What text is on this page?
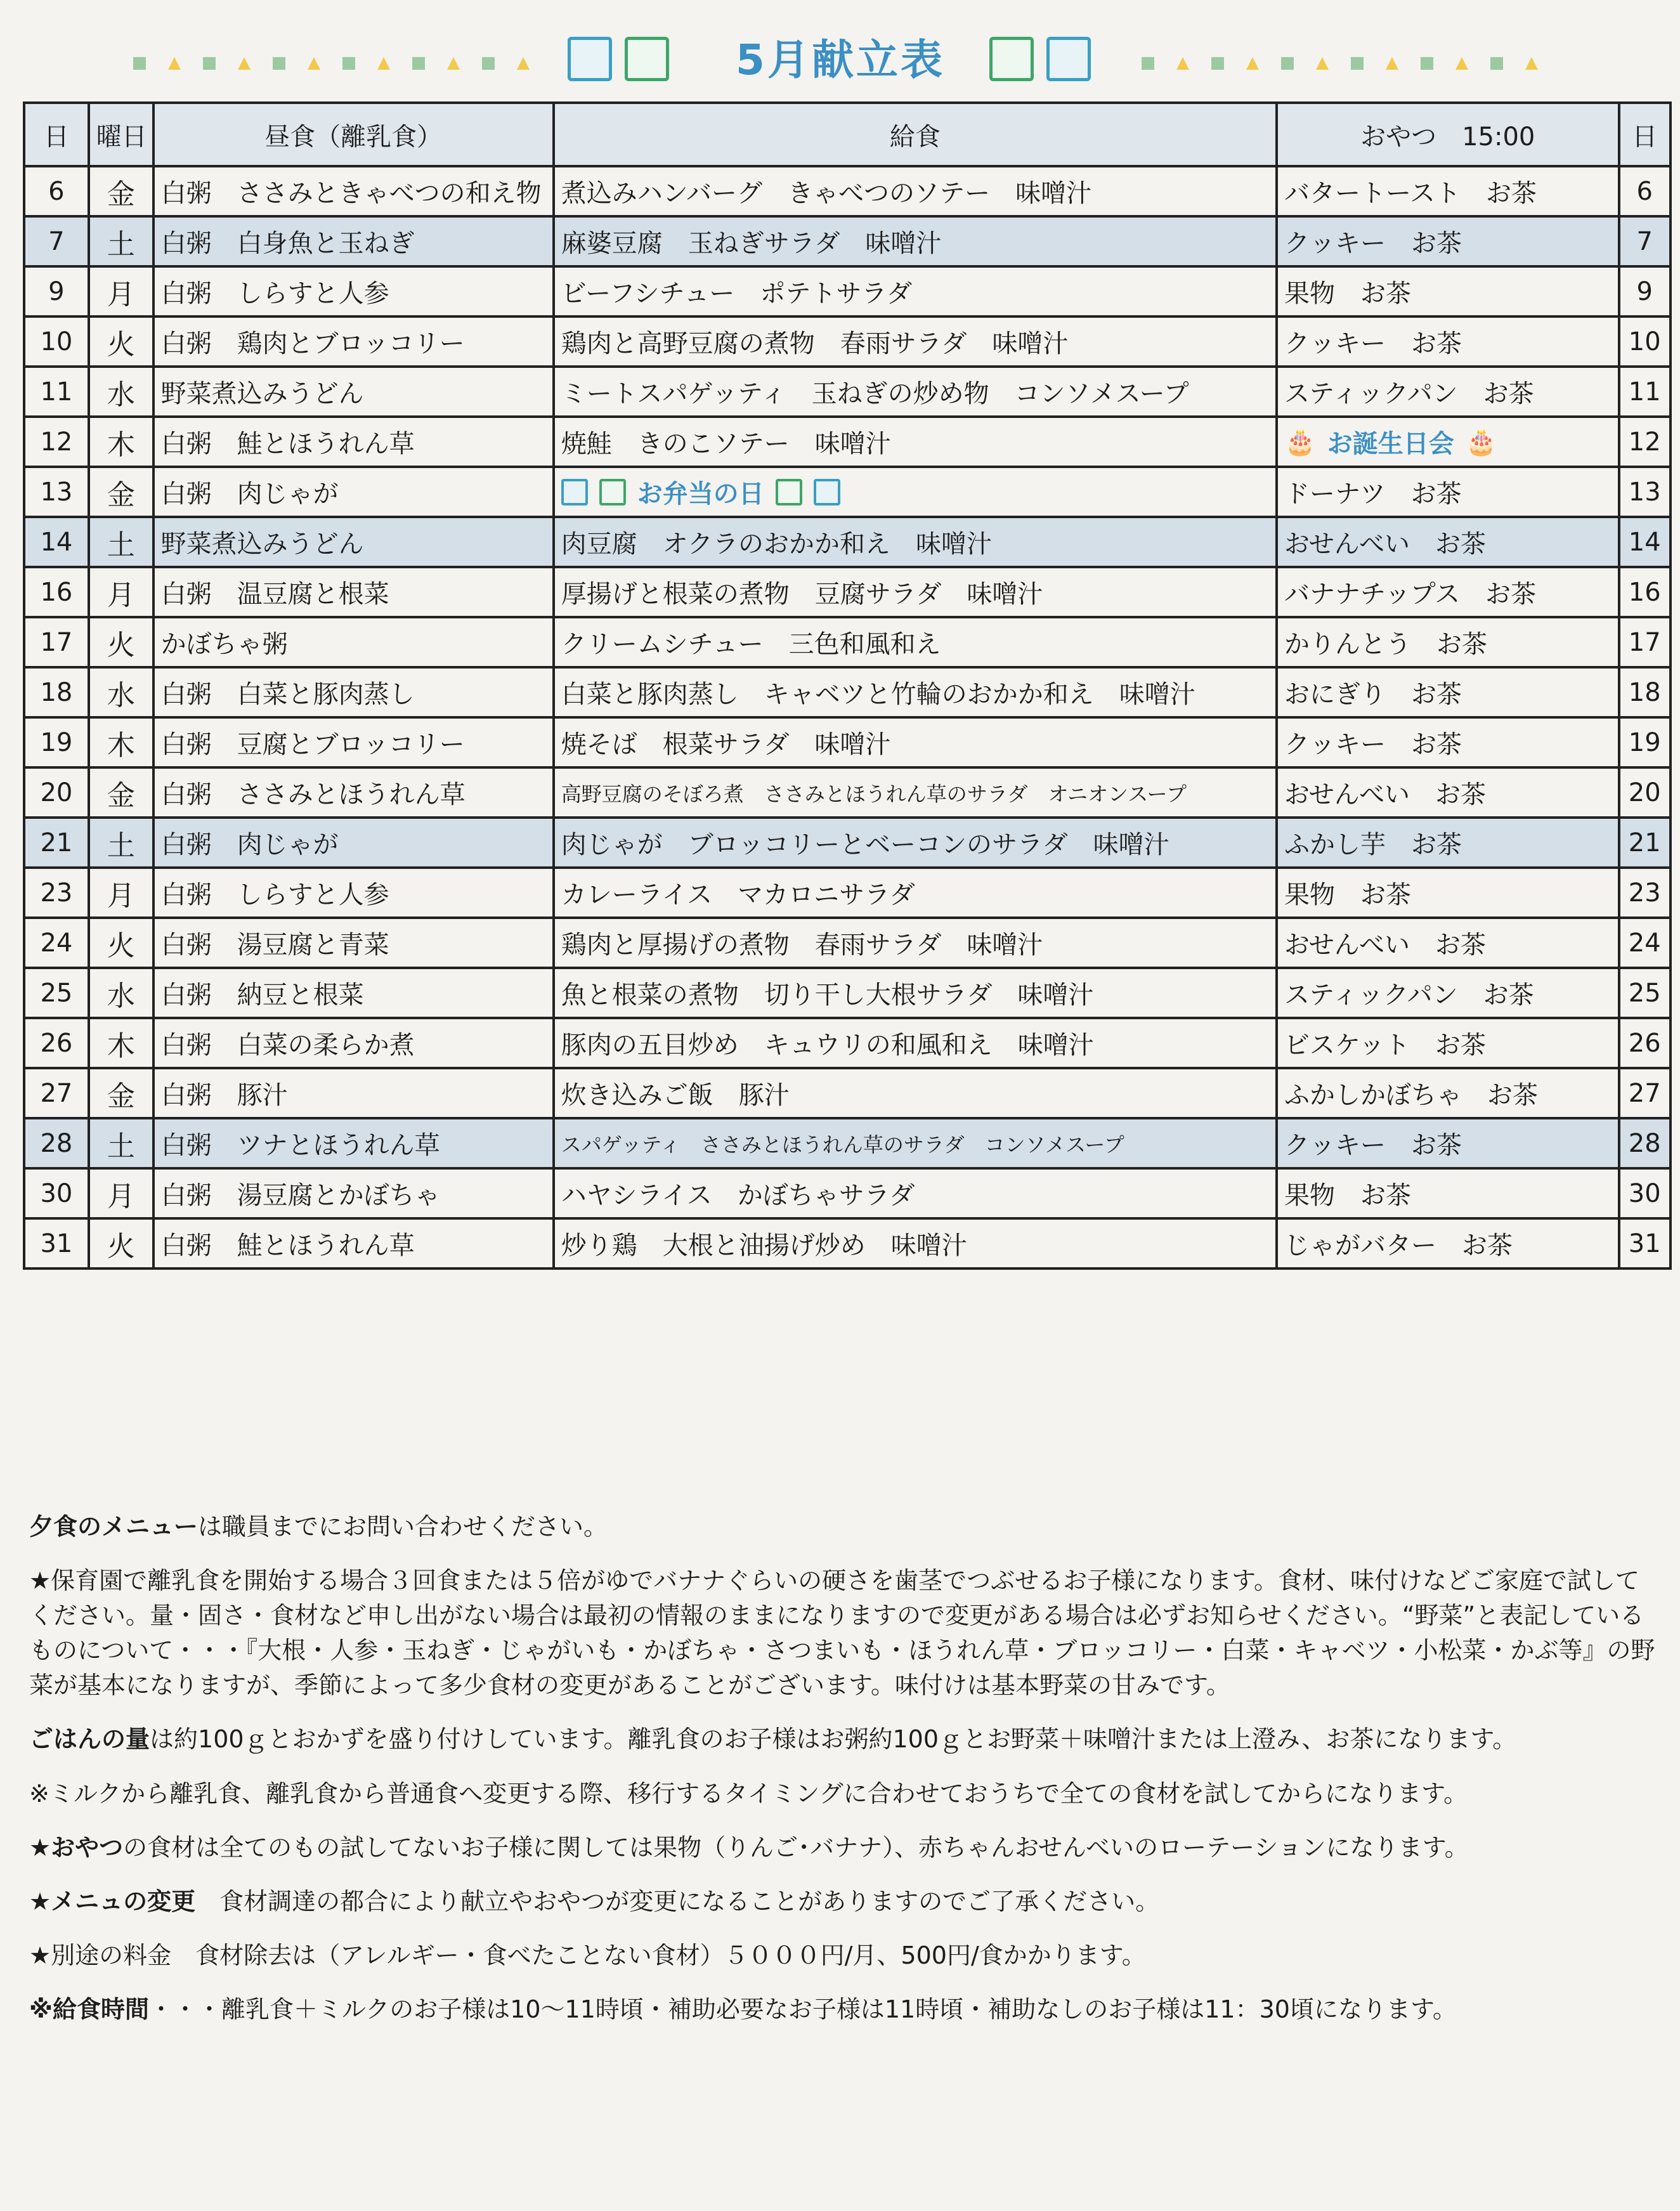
5月献立表
日	曜日	昼食（離乳食）	給食	おやつ　15:00	日
6	金	白粥　ささみときゃべつの和え物	煮込みハンバーグ　きゃべつのソテー　味噌汁	バタートースト　お茶	6
7	土	白粥　白身魚と玉ねぎ	麻婆豆腐　玉ねぎサラダ　味噌汁	クッキー　お茶	7
9	月	白粥　しらすと人参	ビーフシチュー　ポテトサラダ	果物　お茶	9
10	火	白粥　鶏肉とブロッコリー	鶏肉と高野豆腐の煮物　春雨サラダ　味噌汁	クッキー　お茶	10
11	水	野菜煮込みうどん	ミートスパゲッティ　玉ねぎの炒め物　コンソメスープ	スティックパン　お茶	11
12	木	白粥　鮭とほうれん草	焼鮭　きのこソテー　味噌汁	🎂 お誕生日会 🎂	12
13	金	白粥　肉じゃが	お弁当の日	ドーナツ　お茶	13
14	土	野菜煮込みうどん	肉豆腐　オクラのおかか和え　味噌汁	おせんべい　お茶	14
16	月	白粥　温豆腐と根菜	厚揚げと根菜の煮物　豆腐サラダ　味噌汁	バナナチップス　お茶	16
17	火	かぼちゃ粥	クリームシチュー　三色和風和え	かりんとう　お茶	17
18	水	白粥　白菜と豚肉蒸し	白菜と豚肉蒸し　キャベツと竹輪のおかか和え　味噌汁	おにぎり　お茶	18
19	木	白粥　豆腐とブロッコリー	焼そば　根菜サラダ　味噌汁	クッキー　お茶	19
20	金	白粥　ささみとほうれん草	高野豆腐のそぼろ煮　ささみとほうれん草のサラダ　オニオンスープ	おせんべい　お茶	20
21	土	白粥　肉じゃが	肉じゃが　ブロッコリーとベーコンのサラダ　味噌汁	ふかし芋　お茶	21
23	月	白粥　しらすと人参	カレーライス　マカロニサラダ	果物　お茶	23
24	火	白粥　湯豆腐と青菜	鶏肉と厚揚げの煮物　春雨サラダ　味噌汁	おせんべい　お茶	24
25	水	白粥　納豆と根菜	魚と根菜の煮物　切り干し大根サラダ　味噌汁	スティックパン　お茶	25
26	木	白粥　白菜の柔らか煮	豚肉の五目炒め　キュウリの和風和え　味噌汁	ビスケット　お茶	26
27	金	白粥　豚汁	炊き込みご飯　豚汁	ふかしかぼちゃ　お茶	27
28	土	白粥　ツナとほうれん草	スパゲッティ　ささみとほうれん草のサラダ　コンソメスープ	クッキー　お茶	28
30	月	白粥　湯豆腐とかぼちゃ	ハヤシライス　かぼちゃサラダ	果物　お茶	30
31	火	白粥　鮭とほうれん草	炒り鶏　大根と油揚げ炒め　味噌汁	じゃがバター　お茶	31

夕食のメニューは職員までにお問い合わせください。

★保育園で離乳食を開始する場合３回食または５倍がゆでバナナぐらいの硬さを歯茎でつぶせるお子様になります。食材、味付けなどご家庭で試してください。量・固さ・食材など申し出がない場合は最初の情報のままになりますので変更がある場合は必ずお知らせください。“野菜”と表記しているものについて・・・『大根・人参・玉ねぎ・じゃがいも・かぼちゃ・さつまいも・ほうれん草・ブロッコリー・白菜・キャベツ・小松菜・かぶ等』の野菜が基本になりますが、季節によって多少食材の変更があることがございます。味付けは基本野菜の甘みです。

ごはんの量は約100ｇとおかずを盛り付けしています。離乳食のお子様はお粥約100ｇとお野菜＋味噌汁または上澄み、お茶になります。

※ミルクから離乳食、離乳食から普通食へ変更する際、移行するタイミングに合わせておうちで全ての食材を試してからになります。

★おやつの食材は全てのもの試してないお子様に関しては果物（りんご･バナナ）、赤ちゃんおせんべいのローテーションになります。

★メニュの変更　食材調達の都合により献立やおやつが変更になることがありますのでご了承ください。

★別途の料金　食材除去は（アレルギー・食べたことない食材）５０００円/月、500円/食かかります。

※給食時間・・・離乳食＋ミルクのお子様は10～11時頃・補助必要なお子様は11時頃・補助なしのお子様は11：30頃になります。
